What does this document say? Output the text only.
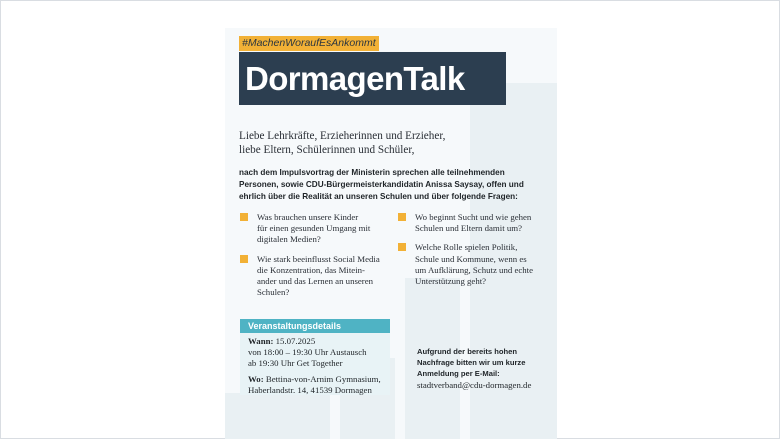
#MachenWoraufEsAnkommt
DormagenTalk
Liebe Lehrkräfte, Erzieherinnen und Erzieher,
liebe Eltern, Schülerinnen und Schüler,
nach dem Impulsvortrag der Ministerin sprechen alle teilnehmenden
Personen, sowie CDU-Bürgermeisterkandidatin Anissa Saysay, offen und
ehrlich über die Realität an unseren Schulen und über folgende Fragen:
Was brauchen unsere Kinder
für einen gesunden Umgang mit
digitalen Medien?
Wie stark beeinflusst Social Media
die Konzentration, das Mitein-
ander und das Lernen an unseren
Schulen?
Wo beginnt Sucht und wie gehen
Schulen und Eltern damit um?
Welche Rolle spielen Politik,
Schule und Kommune, wenn es
um Aufklärung, Schutz und echte
Unterstützung geht?
Veranstaltungsdetails
Wann: 15.07.2025
von 18:00 – 19:30 Uhr Austausch
ab 19:30 Uhr Get Together
Wo: Bettina-von-Arnim Gymnasium,
Haberlandstr. 14, 41539 Dormagen
Aufgrund der bereits hohen
Nachfrage bitten wir um kurze
Anmeldung per E-Mail:
stadtverband@cdu-dormagen.de
